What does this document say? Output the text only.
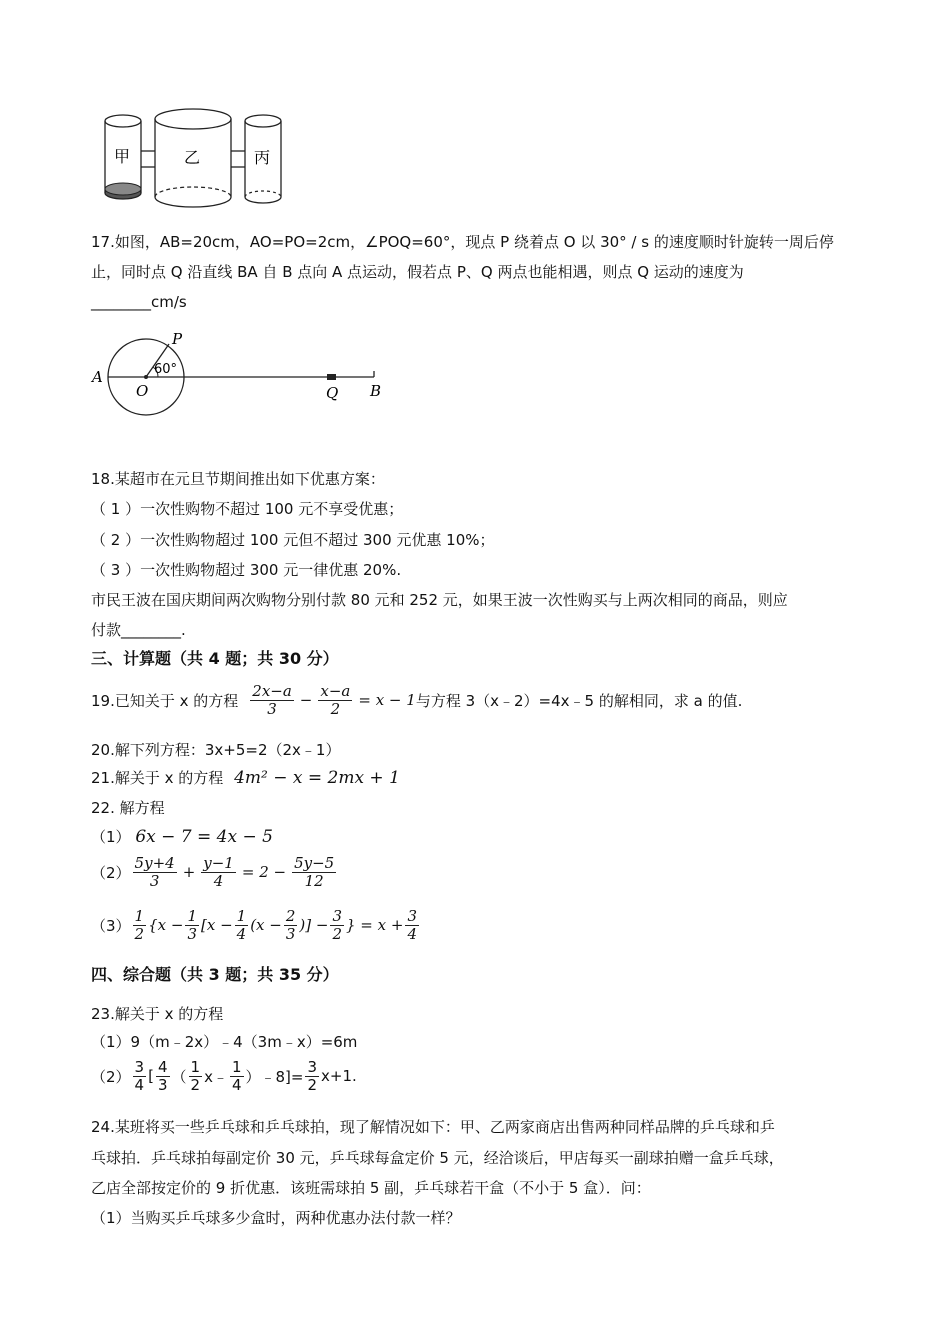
甲	乙	丙
17.如图，AB=20cm，AO=PO=2cm，∠POQ=60°，现点 P 绕着点 O 以 30° / s 的速度顺时针旋转一周后停
止，同时点 Q 沿直线 BA 自 B 点向 A 点运动，假若点 P、Q 两点也能相遇，则点 Q 运动的速度为
________cm/s
A
O
P
60°
Q B
18.某超市在元旦节期间推出如下优惠方案：
（ 1 ）一次性购物不超过 100 元不享受优惠；
（ 2 ）一次性购物超过 100 元但不超过 300 元优惠 10%；
（ 3 ）一次性购物超过 300 元一律优惠 20%.
市民王波在国庆期间两次购物分别付款 80 元和 252 元，如果王波一次性购买与上两次相同的商品，则应
付款________.
三、计算题（共 4 题；共 30 分）
19.已知关于 x 的方程 $\frac{2x-a}{3} - \frac{x-a}{2} = x - 1$ 与方程 3（x﹣2）=4x﹣5 的解相同，求 a 的值.
20.解下列方程：3x+5=2（2x﹣1）
21.解关于 x 的方程 4m² − x = 2mx + 1
22. 解方程
（1） 6x − 7 = 4x − 5
$(2) \frac{5y+4}{3} + \frac{y-1}{4} = 2 - \frac{5y-5}{12}$
$(3) \frac{1}{2} \{x - \frac{1}{3} [x - \frac{1}{4} (x - \frac{2}{3}$ )] − $\frac{3}{2}$ } = $x + \frac{3}{4}$
四、综合题（共 3 题；共 35 分）
23.解关于 x 的方程
（1）9（m﹣2x）﹣4（3m﹣x）=6m
$(2) \frac{3}{4}$ [ $\frac{4}{3}$ （ $\frac{1}{2}$ x﹣ $\frac{1}{4}$ ）﹣8]= $\frac{3}{2} x+1$.
24.某班将买一些乒乓球和乒乓球拍，现了解情况如下：甲、乙两家商店出售两种同样品牌的乒乓球和乒
乓球拍．乒乓球拍每副定价 30 元，乒乓球每盒定价 5 元，经洽谈后，甲店每买一副球拍赠一盒乒乓球，
乙店全部按定价的 9 折优惠．该班需球拍 5 副，乒乓球若干盒（不小于 5 盒）．问：
（1）当购买乒乓球多少盒时，两种优惠办法付款一样？
